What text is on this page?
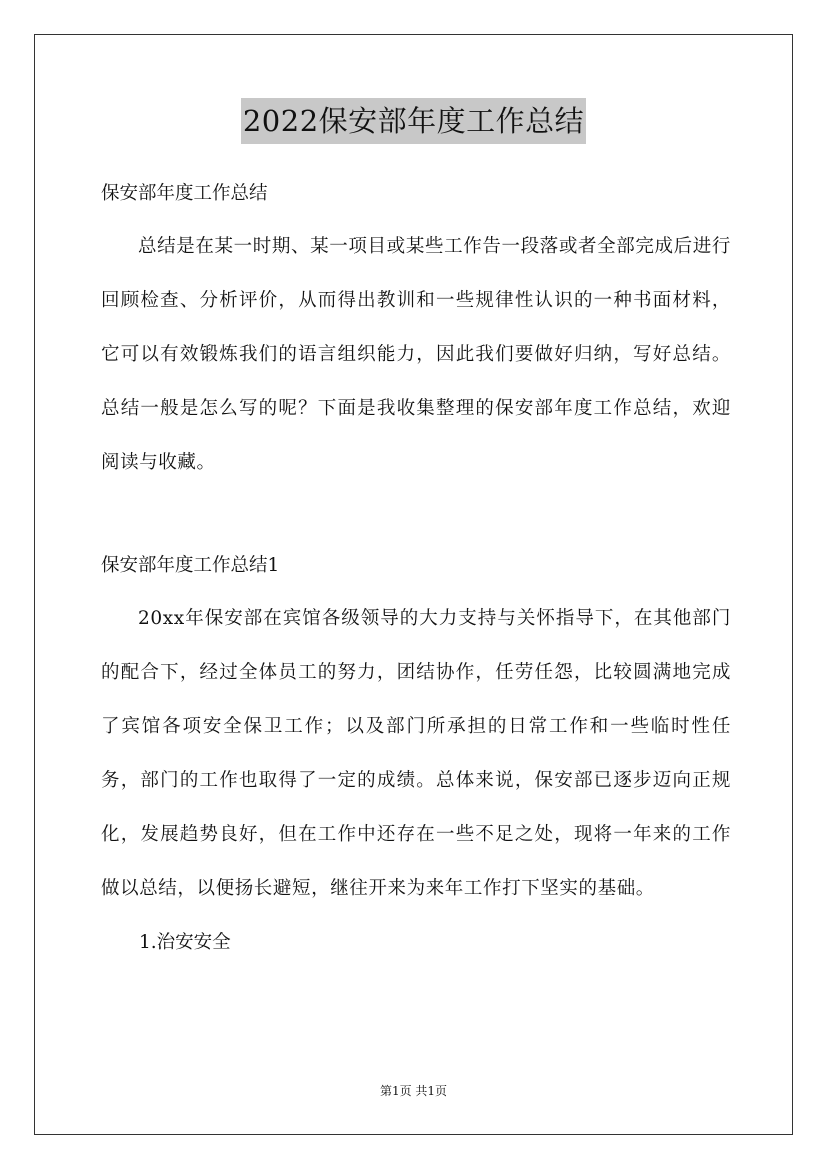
2022保安部年度工作总结

保安部年度工作总结

总结是在某一时期、某一项目或某些工作告一段落或者全部完成后进行回顾检查、分析评价，从而得出教训和一些规律性认识的一种书面材料，它可以有效锻炼我们的语言组织能力，因此我们要做好归纳，写好总结。总结一般是怎么写的呢？下面是我收集整理的保安部年度工作总结，欢迎阅读与收藏。

保安部年度工作总结1

20xx年保安部在宾馆各级领导的大力支持与关怀指导下，在其他部门的配合下，经过全体员工的努力，团结协作，任劳任怨，比较圆满地完成了宾馆各项安全保卫工作；以及部门所承担的日常工作和一些临时性任务，部门的工作也取得了一定的成绩。总体来说，保安部已逐步迈向正规化，发展趋势良好，但在工作中还存在一些不足之处，现将一年来的工作做以总结，以便扬长避短，继往开来为来年工作打下坚实的基础。

1.治安安全

第1页 共1页
